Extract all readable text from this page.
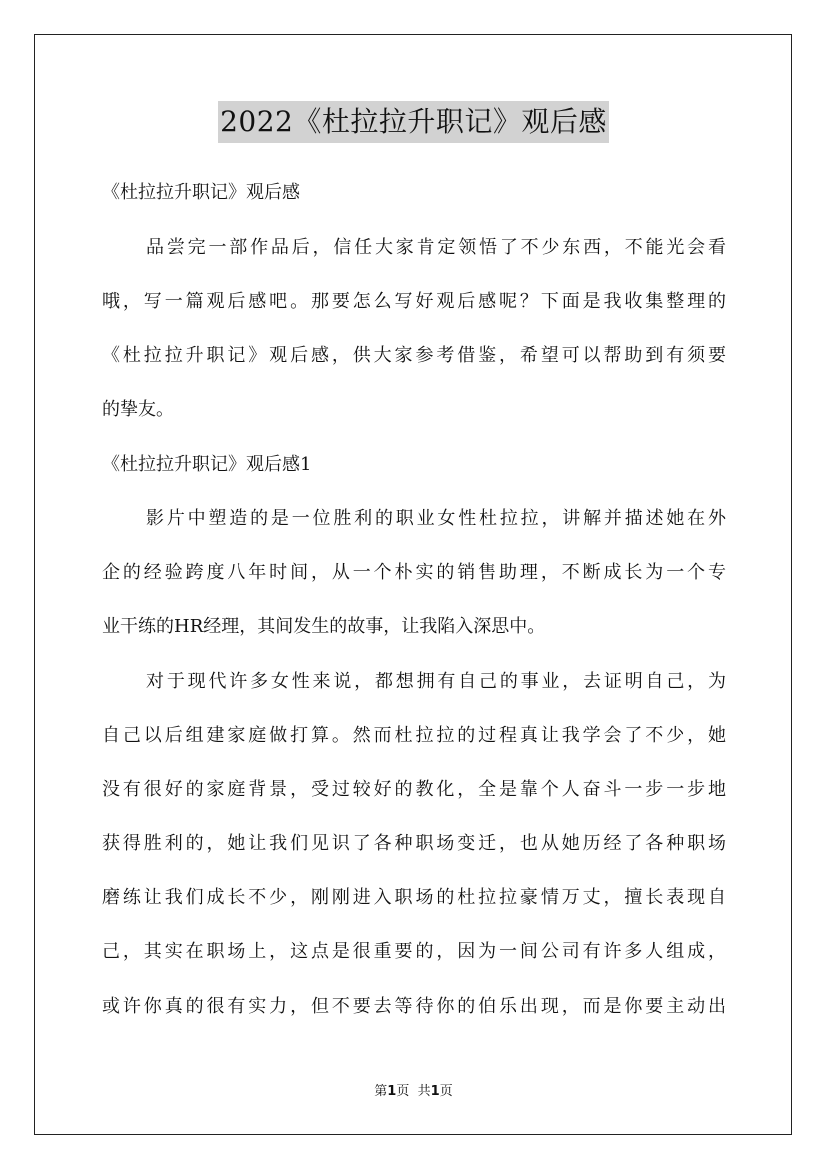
2022《杜拉拉升职记》观后感
《杜拉拉升职记》观后感
品尝完一部作品后，信任大家肯定领悟了不少东西，不能光会看
哦，写一篇观后感吧。那要怎么写好观后感呢？下面是我收集整理的
《杜拉拉升职记》观后感，供大家参考借鉴，希望可以帮助到有须要
的挚友。
《杜拉拉升职记》观后感1
影片中塑造的是一位胜利的职业女性杜拉拉，讲解并描述她在外
企的经验跨度八年时间，从一个朴实的销售助理，不断成长为一个专
业干练的HR经理，其间发生的故事，让我陷入深思中。
对于现代许多女性来说，都想拥有自己的事业，去证明自己，为
自己以后组建家庭做打算。然而杜拉拉的过程真让我学会了不少，她
没有很好的家庭背景，受过较好的教化，全是靠个人奋斗一步一步地
获得胜利的，她让我们见识了各种职场变迁，也从她历经了各种职场
磨练让我们成长不少，刚刚进入职场的杜拉拉豪情万丈，擅长表现自
己，其实在职场上，这点是很重要的，因为一间公司有许多人组成，
或许你真的很有实力，但不要去等待你的伯乐出现，而是你要主动出
第1页 共1页
